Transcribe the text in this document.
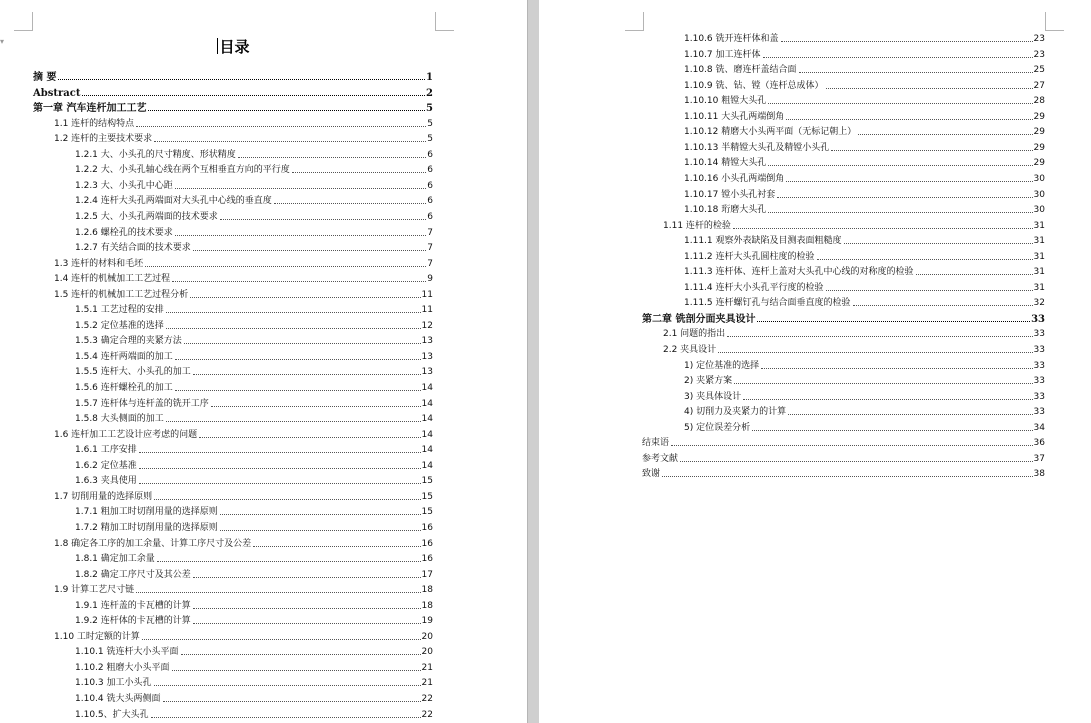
▾	目录
摘 要	1
Abstract	2
第一章 汽车连杆加工工艺	5
1.1 连杆的结构特点	5
1.2 连杆的主要技术要求	5
1.2.1 大、小头孔的尺寸精度、形状精度	6
1.2.2 大、小头孔轴心线在两个互相垂直方向的平行度	6
1.2.3 大、小头孔中心距	6
1.2.4 连杆大头孔两端面对大头孔中心线的垂直度	6
1.2.5 大、小头孔两端面的技术要求	6
1.2.6 螺栓孔的技术要求	7
1.2.7 有关结合面的技术要求	7
1.3 连杆的材料和毛坯	7
1.4 连杆的机械加工工艺过程	9
1.5 连杆的机械加工工艺过程分析	11
1.5.1 工艺过程的安排	11
1.5.2 定位基准的选择	12
1.5.3 确定合理的夹紧方法	13
1.5.4 连杆两端面的加工	13
1.5.5 连杆大、小头孔的加工	13
1.5.6 连杆螺栓孔的加工	14
1.5.7 连杆体与连杆盖的铣开工序	14
1.5.8 大头侧面的加工	14
1.6 连杆加工工艺设计应考虑的问题	14
1.6.1 工序安排	14
1.6.2 定位基准	14
1.6.3 夹具使用	15
1.7 切削用量的选择原则	15
1.7.1 粗加工时切削用量的选择原则	15
1.7.2 精加工时切削用量的选择原则	16
1.8 确定各工序的加工余量、计算工序尺寸及公差	16
1.8.1 确定加工余量	16
1.8.2 确定工序尺寸及其公差	17
1.9 计算工艺尺寸链	18
1.9.1 连杆盖的卡瓦槽的计算	18
1.9.2 连杆体的卡瓦槽的计算	19
1.10 工时定额的计算	20
1.10.1 铣连杆大小头平面	20
1.10.2 粗磨大小头平面	21
1.10.3 加工小头孔	21
1.10.4 铣大头两侧面	22
1.10.5、扩大头孔	22
1.10.6 铣开连杆体和盖	23
1.10.7 加工连杆体	23
1.10.8 铣、磨连杆盖结合面	25
1.10.9 铣、钻、镗（连杆总成体）	27
1.10.10 粗镗大头孔	28
1.10.11 大头孔两端倒角	29
1.10.12 精磨大小头两平面（无标记朝上）	29
1.10.13 半精镗大头孔及精镗小头孔	29
1.10.14 精镗大头孔	29
1.10.16 小头孔两端倒角	30
1.10.17 镗小头孔衬套	30
1.10.18 珩磨大头孔	30
1.11 连杆的检验	31
1.11.1 观察外表缺陷及目测表面粗糙度	31
1.11.2 连杆大头孔圆柱度的检验	31
1.11.3 连杆体、连杆上盖对大头孔中心线的对称度的检验	31
1.11.4 连杆大小头孔平行度的检验	31
1.11.5 连杆螺钉孔与结合面垂直度的检验	32
第二章 铣剖分面夹具设计	33
2.1 问题的指出	33
2.2 夹具设计	33
1) 定位基准的选择	33
2) 夹紧方案	33
3) 夹具体设计	33
4) 切削力及夹紧力的计算	33
5) 定位误差分析	34
结束语	36
参考文献	37
致谢	38
